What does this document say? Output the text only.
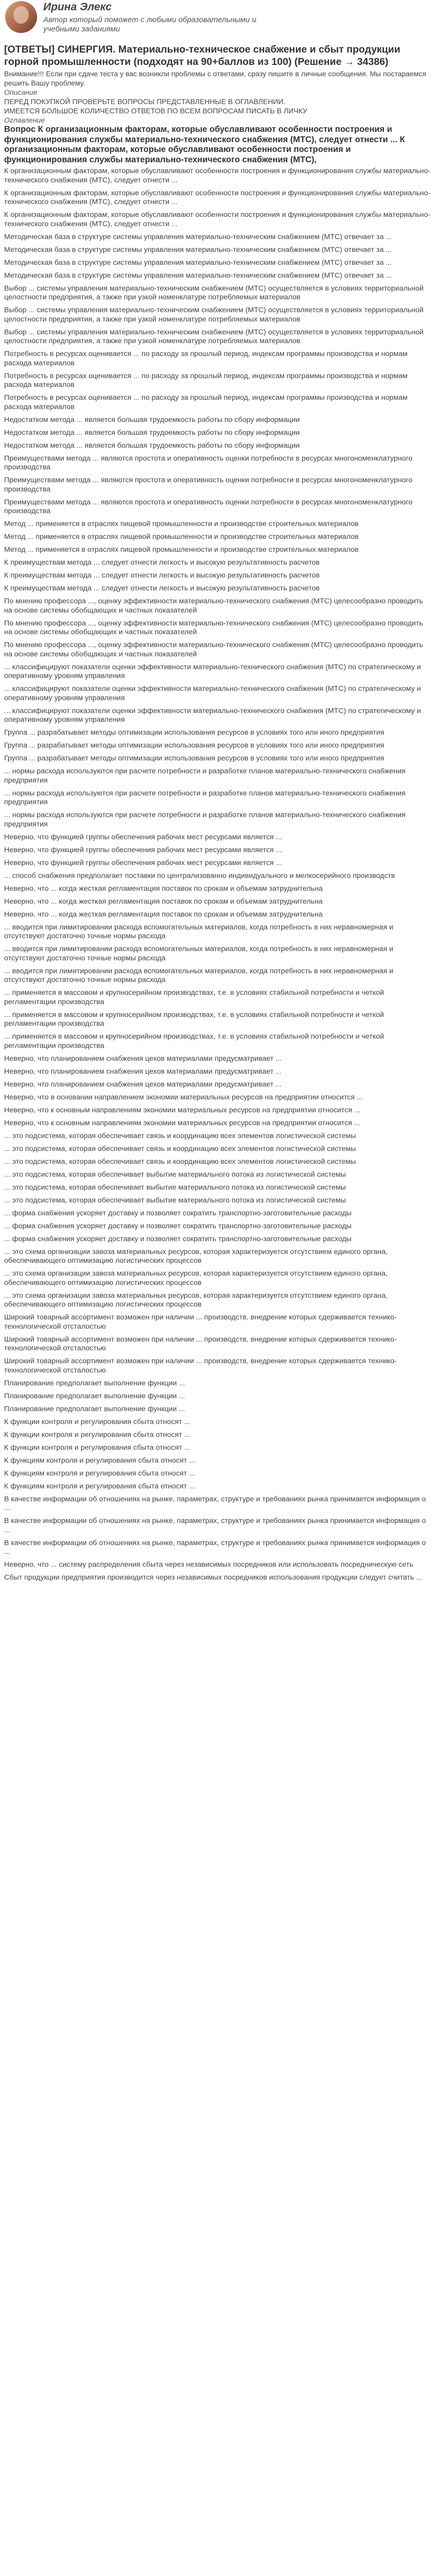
Ирина Элекс
Автор который поможет с любыми образовательными и учебными заданиями
[ОТВЕТЫ] СИНЕРГИЯ. Материально-техническое снабжение и сбыт продукции горной промышленности (подходят на 90+баллов из 100) (Решение → 34386)
Внимание!!! Если при сдаче теста у вас возникли проблемы с ответами, сразу пишите в личные сообщения. Мы постараемся решить Вашу проблему.
Описание
ПЕРЕД ПОКУПКОЙ ПРОВЕРЬТЕ ВОПРОСЫ ПРЕДСТАВЛЕННЫЕ В ОГЛАВЛЕНИИ.
ИМЕЕТСЯ БОЛЬШОЕ КОЛИЧЕСТВО ОТВЕТОВ ПО ВСЕМ ВОПРОСАМ ПИСАТЬ В ЛИЧКУ
Оглавление
Вопрос К организационным факторам, которые обуславливают особенности построения и функционирования службы материально-технического снабжения (МТС), следует отнести ... К организационным факторам, которые обуславливают особенности построения и функционирования службы материально-технического снабжения (МТС),

К организационным факторам, которые обуславливают особенности построения и функционирования службы материально-технического снабжения (МТС), следует отнести ...

К организационным факторам, которые обуславливают особенности построения и функционирования службы материально-технического снабжения (МТС), следует отнести ...

К организационным факторам, которые обуславливают особенности построения и функционирования службы материально-технического снабжения (МТС), следует отнести ...

Методическая база в структуре системы управления материально-техническим снабжением (МТС) отвечает за ...

Методическая база в структуре системы управления материально-техническим снабжением (МТС) отвечает за ...

Методическая база в структуре системы управления материально-техническим снабжением (МТС) отвечает за ...

Методическая база в структуре системы управления материально-техническим снабжением (МТС) отвечает за ...

Выбор ... системы управления материально-техническим снабжением (МТС) осуществляется в условиях территориальной целостности предприятия, а также при узкой номенклатуре потребляемых материалов

Выбор ... системы управления материально-техническим снабжением (МТС) осуществляется в условиях территориальной целостности предприятия, а также при узкой номенклатуре потребляемых материалов

Выбор ... системы управления материально-техническим снабжением (МТС) осуществляется в условиях территориальной целостности предприятия, а также при узкой номенклатуре потребляемых материалов

Потребность в ресурсах оценивается ... по расходу за прошлый период, индексам программы производства и нормам расхода материалов

Потребность в ресурсах оценивается ... по расходу за прошлый период, индексам программы производства и нормам расхода материалов

Потребность в ресурсах оценивается ... по расходу за прошлый период, индексам программы производства и нормам расхода материалов

Недостатком метода ... является большая трудоемкость работы по сбору информации

Недостатком метода ... является большая трудоемкость работы по сбору информации

Недостатком метода ... является большая трудоемкость работы по сбору информации

Преимуществами метода ... являются простота и оперативность оценки потребности в ресурсах многономенклатурного производства

Преимуществами метода ... являются простота и оперативность оценки потребности в ресурсах многономенклатурного производства

Преимуществами метода ... являются простота и оперативность оценки потребности в ресурсах многономенклатурного производства

Метод ... применяется в отраслях пищевой промышленности и производстве строительных материалов

Метод ... применяется в отраслях пищевой промышленности и производстве строительных материалов

Метод ... применяется в отраслях пищевой промышленности и производстве строительных материалов

К преимуществам метода ... следует отнести легкость и высокую результативность расчетов

К преимуществам метода ... следует отнести легкость и высокую результативность расчетов

К преимуществам метода ... следует отнести легкость и высокую результативность расчетов

По мнению профессора ..., оценку эффективности материально-технического снабжения (МТС) целесообразно проводить на основе системы обобщающих и частных показателей

По мнению профессора ..., оценку эффективности материально-технического снабжения (МТС) целесообразно проводить на основе системы обобщающих и частных показателей

По мнению профессора ..., оценку эффективности материально-технического снабжения (МТС) целесообразно проводить на основе системы обобщающих и частных показателей

... классифицируют показатели оценки эффективности материально-технического снабжения (МТС) по стратегическому и оперативному уровням управления

... классифицируют показатели оценки эффективности материально-технического снабжения (МТС) по стратегическому и оперативному уровням управления

... классифицируют показатели оценки эффективности материально-технического снабжения (МТС) по стратегическому и оперативному уровням управления

Группа ... разрабатывает методы оптимизации использования ресурсов в условиях того или иного предприятия

Группа ... разрабатывает методы оптимизации использования ресурсов в условиях того или иного предприятия

Группа ... разрабатывает методы оптимизации использования ресурсов в условиях того или иного предприятия

... нормы расхода используются при расчете потребности и разработке планов материально-технического снабжения предприятия

... нормы расхода используются при расчете потребности и разработке планов материально-технического снабжения предприятия

... нормы расхода используются при расчете потребности и разработке планов материально-технического снабжения предприятия

Неверно, что функцией группы обеспечения рабочих мест ресурсами является ...

Неверно, что функцией группы обеспечения рабочих мест ресурсами является ...

Неверно, что функцией группы обеспечения рабочих мест ресурсами является ...

... способ снабжения предполагает поставки по централизованно индивидуального и мелкосерийного производств

Неверно, что ... когда жесткая регламентация поставок по срокам и объемам затруднительна

Неверно, что ... когда жесткая регламентация поставок по срокам и объемам затруднительна

Неверно, что ... когда жесткая регламентация поставок по срокам и объемам затруднительна

... вводится при лимитировании расхода вспомогательных материалов, когда потребность в них неравномерная и отсутствуют достаточно точные нормы расхода

... вводится при лимитировании расхода вспомогательных материалов, когда потребность в них неравномерная и отсутствуют достаточно точные нормы расхода

... вводится при лимитировании расхода вспомогательных материалов, когда потребность в них неравномерная и отсутствуют достаточно точные нормы расхода

... применяется в массовом и крупносерийном производствах, т.е. в условиях стабильной потребности и четкой регламентации производства

... применяется в массовом и крупносерийном производствах, т.е. в условиях стабильной потребности и четкой регламентации производства

... применяется в массовом и крупносерийном производствах, т.е. в условиях стабильной потребности и четкой регламентации производства

Неверно, что планированием снабжения цехов материалами предусматривает ...

Неверно, что планированием снабжения цехов материалами предусматривает ...

Неверно, что планированием снабжения цехов материалами предусматривает ...

Неверно, что в основании направлением экономии материальных ресурсов на предприятии относится ...

Неверно, что к основным направлениям экономии материальных ресурсов на предприятии относится ...

Неверно, что к основным направлениям экономии материальных ресурсов на предприятии относится ...

... это подсистема, которая обеспечивает связь и координацию всех элементов логистической системы

... это подсистема, которая обеспечивает связь и координацию всех элементов логистической системы

... это подсистема, которая обеспечивает связь и координацию всех элементов логистической системы

... это подсистема, которая обеспечивает выбытие материального потока из логистической системы

... это подсистема, которая обеспечивает выбытие материального потока из логистической системы

... это подсистема, которая обеспечивает выбытие материального потока из логистической системы

... форма снабжения ускоряет доставку и позволяет сократить транспортно-заготовительные расходы

... форма снабжения ускоряет доставку и позволяет сократить транспортно-заготовительные расходы

... форма снабжения ускоряет доставку и позволяет сократить транспортно-заготовительные расходы

... это схема организации завоза материальных ресурсов, которая характеризуется отсутствием единого органа, обеспечивающего оптимизацию логистических процессов

... это схема организации завоза материальных ресурсов, которая характеризуется отсутствием единого органа, обеспечивающего оптимизацию логистических процессов

... это схема организации завоза материальных ресурсов, которая характеризуется отсутствием единого органа, обеспечивающего оптимизацию логистических процессов

Широкий товарный ассортимент возможен при наличии ... производств, внедрение которых сдерживается технико-технологической отсталостью

Широкий товарный ассортимент возможен при наличии ... производств, внедрение которых сдерживается технико-технологической отсталостью

Широкий товарный ассортимент возможен при наличии ... производств, внедрение которых сдерживается технико-технологической отсталостью

Планирование предполагает выполнение функции ...

Планирование предполагает выполнение функции ...

Планирование предполагает выполнение функции ...

К функции контроля и регулирования сбыта относят ...

К функции контроля и регулирования сбыта относят ...

К функции контроля и регулирования сбыта относят ...

К функциям контроля и регулирования сбыта относят ...

К функциям контроля и регулирования сбыта относят ...

К функциям контроля и регулирования сбыта относят ...

В качестве информации об отношениях на рынке, параметрах, структуре и требованиях рынка принимается информация о ...

В качестве информации об отношениях на рынке, параметрах, структуре и требованиях рынка принимается информация о ...

В качестве информации об отношениях на рынке, параметрах, структуре и требованиях рынка принимается информация о ...

Неверно, что ... систему распределения сбыта через независимых посредников или использовать посредническую сеть

Сбыт продукции предприятия производится через независимых посредников использования продукции следует считать ...
